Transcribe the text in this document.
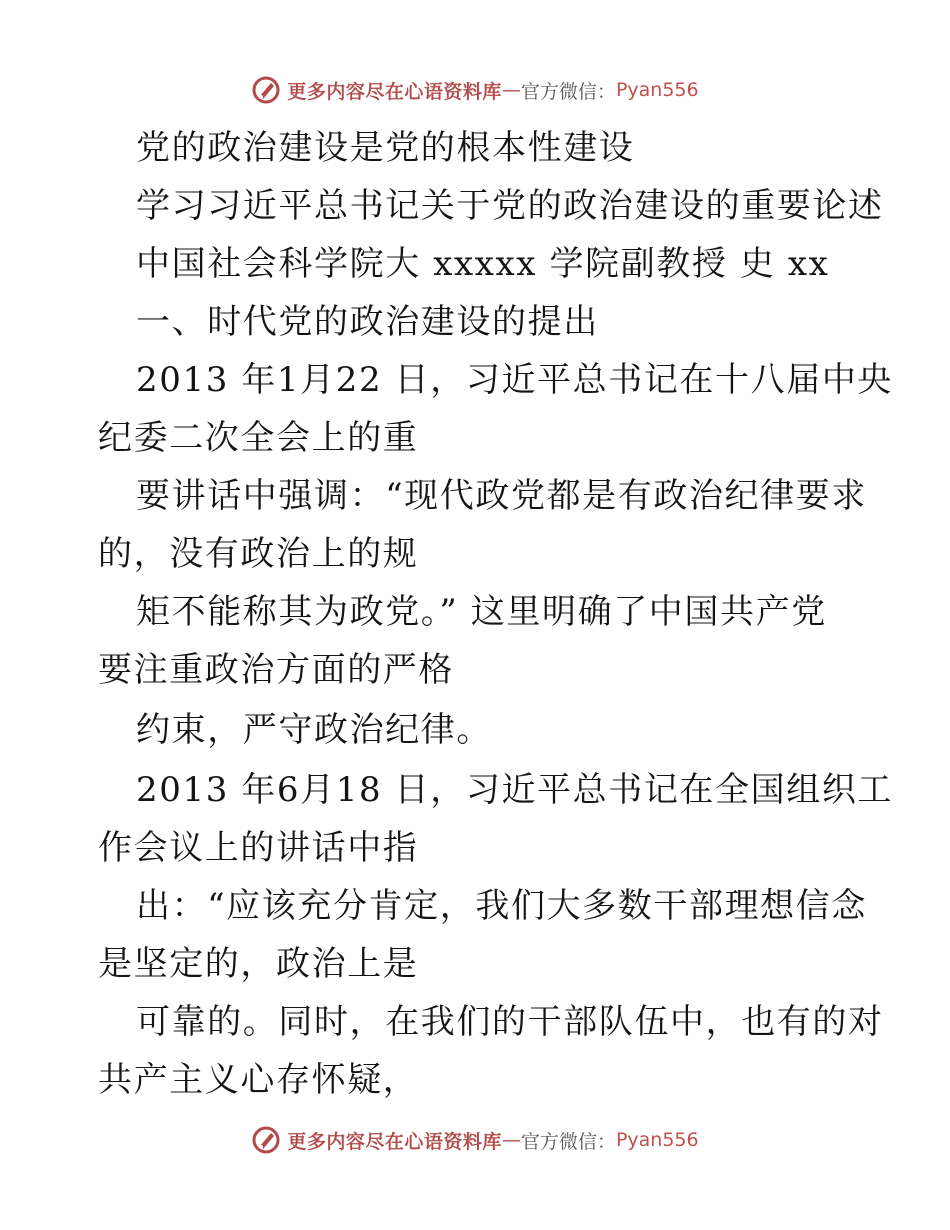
更多内容尽在心语资料库 — 官方微信： Pyan556
党的政治建设是党的根本性建设
学习习近平总书记关于党的政治建设的重要论述
中国社会科学院大 xxxxx 学院副教授 史 xx
一、时代党的政治建设的提出
2013 年1月22 日，习近平总书记在十八届中央
纪委二次全会上的重
要讲话中强调：“现代政党都是有政治纪律要求
的，没有政治上的规
矩不能称其为政党。” 这里明确了中国共产党
要注重政治方面的严格
约束，严守政治纪律。
2013 年6月18 日，习近平总书记在全国组织工
作会议上的讲话中指
出：“应该充分肯定，我们大多数干部理想信念
是坚定的，政治上是
可靠的。同时，在我们的干部队伍中，也有的对
共产主义心存怀疑，
更多内容尽在心语资料库 — 官方微信： Pyan556
